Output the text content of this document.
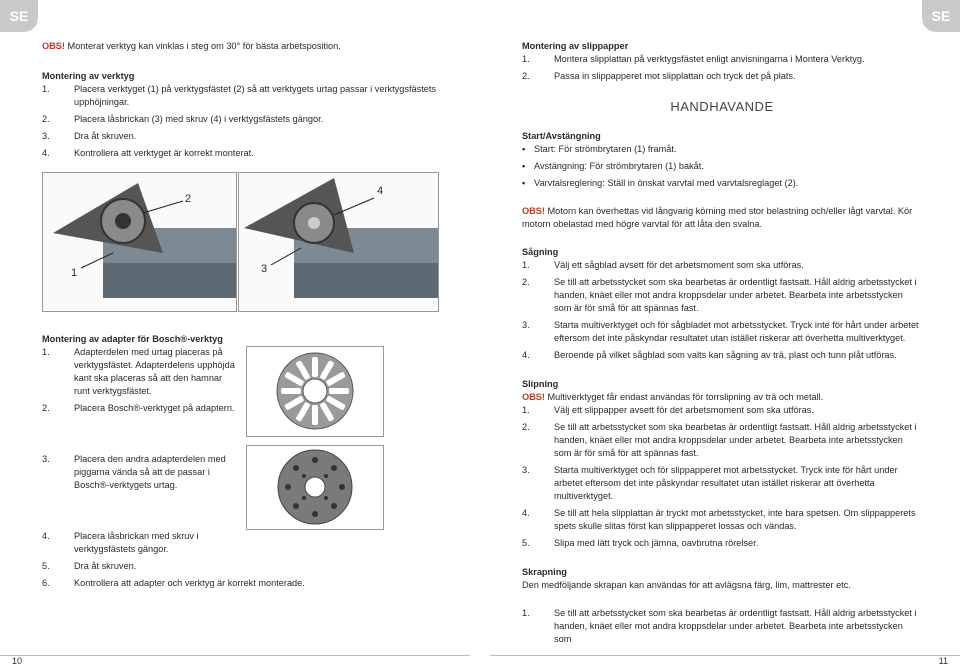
SE	SE

OBS! Monterat verktyg kan vinklas i steg om 30° för bästa arbetsposition.

Montering av verktyg

1.	Placera verktyget (1) på verktygsfästet (2) så att verktygets urtag passar i verktygsfästets upphöjningar.
2.	Placera låsbrickan (3) med skruv (4) i verktygsfästets gängor.
3.	Dra åt skruven.
4.	Kontrollera att verktyget är korrekt monterat.
2
1
4
3

Montering av adapter för Bosch®-verktyg

1.	Adapterdelen med urtag placeras på verktygsfästet. Adapterdelens upphöjda kant ska placeras så att den hamnar runt verktygsfästet.
2.	Placera Bosch®-verktyget på adaptern.
3.	Placera den andra adapterdelen med piggarna vända så att de passar i Bosch®-verktygets urtag.
4.	Placera låsbrickan med skruv i verktygsfästets gängor.
5.	Dra åt skruven.
6.	Kontrollera att adapter och verktyg är korrekt monterade.
10

Montering av slippapper

1.	Montera slipplattan på verktygsfästet enligt anvisningarna i Montera Verktyg.
2.	Passa in slippapperet mot slipplattan och tryck det på plats.

HANDHAVANDE

Start/Avstängning

• Start: För strömbrytaren (1) framåt.
• Avstängning: För strömbrytaren (1) bakåt.
• Varvtalsreglering: Ställ in önskat varvtal med varvtalsreglaget (2).

OBS! Motorn kan överhettas vid långvarig körning med stor belastning och/eller lågt varvtal. Kör motorn obelastad med högre varvtal för att låta den svalna.

Sågning

1.	Välj ett sågblad avsett för det arbetsmoment som ska utföras.
2.	Se till att arbetsstycket som ska bearbetas är ordentligt fastsatt. Håll aldrig arbetsstycket i handen, knäet eller mot andra kroppsdelar under arbetet. Bearbeta inte arbetsstycken som är för små för att spännas fast.
3.	Starta multiverktyget och för sågbladet mot arbetsstycket. Tryck inte för hårt under arbetet eftersom det inte påskyndar resultatet utan istället riskerar att överhetta multiverktyget.
4.	Beroende på vilket sågblad som valts kan sågning av trä, plast och tunn plåt utföras.

Slipning

OBS! Multiverktyget får endast användas för torrslipning av trä och metall.

1.	Välj ett slippapper avsett för det arbetsmoment som ska utföras.
2.	Se till att arbetsstycket som ska bearbetas är ordentligt fastsatt. Håll aldrig arbetsstycket i handen, knäet eller mot andra kroppsdelar under arbetet. Bearbeta inte arbetsstycken som är för små för att spännas fast.
3.	Starta multiverktyget och för slippapperet mot arbetsstycket. Tryck inte för hårt under arbetet eftersom det inte påskyndar resultatet utan istället riskerar att överhetta multiverktyget.
4.	Se till att hela slipplattan är tryckt mot arbetsstycket, inte bara spetsen. Om slippapperets spets skulle slitas först kan slippapperet lossas och vändas.
5.	Slipa med lätt tryck och jämna, oavbrutna rörelser.

Skrapning

Den medföljande skrapan kan användas för att avlägsna färg, lim, mattrester etc.

1.	Se till att arbetsstycket som ska bearbetas är ordentligt fastsatt. Håll aldrig arbetsstycket i handen, knäet eller mot andra kroppsdelar under arbetet. Bearbeta inte arbetsstycken som
11
